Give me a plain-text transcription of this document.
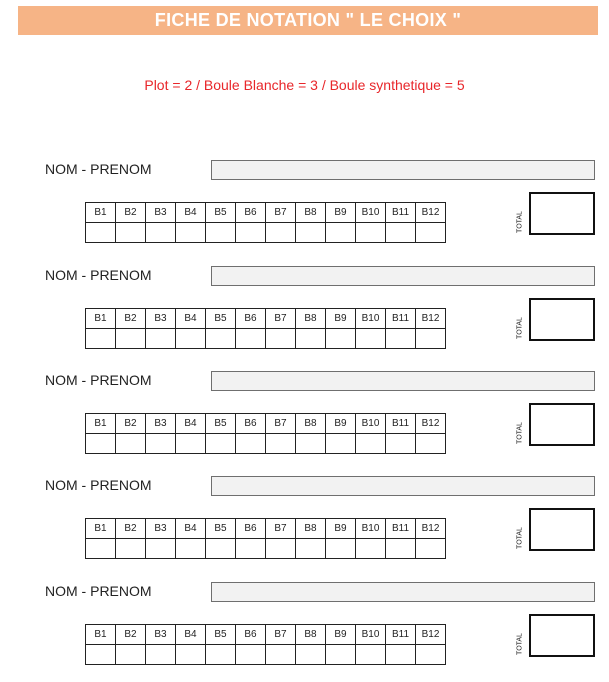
FICHE DE NOTATION " LE CHOIX "
Plot = 2 / Boule Blanche = 3 / Boule synthetique = 5
NOM - PRENOM
B1	B2	B3	B4	B5	B6	B7	B8	B9	B10	B11	B12
												TOTAL
NOM - PRENOM
B1	B2	B3	B4	B5	B6	B7	B8	B9	B10	B11	B12
												TOTAL
NOM - PRENOM
B1	B2	B3	B4	B5	B6	B7	B8	B9	B10	B11	B12
												TOTAL
NOM - PRENOM
B1	B2	B3	B4	B5	B6	B7	B8	B9	B10	B11	B12
												TOTAL
NOM - PRENOM
B1	B2	B3	B4	B5	B6	B7	B8	B9	B10	B11	B12
												TOTAL
